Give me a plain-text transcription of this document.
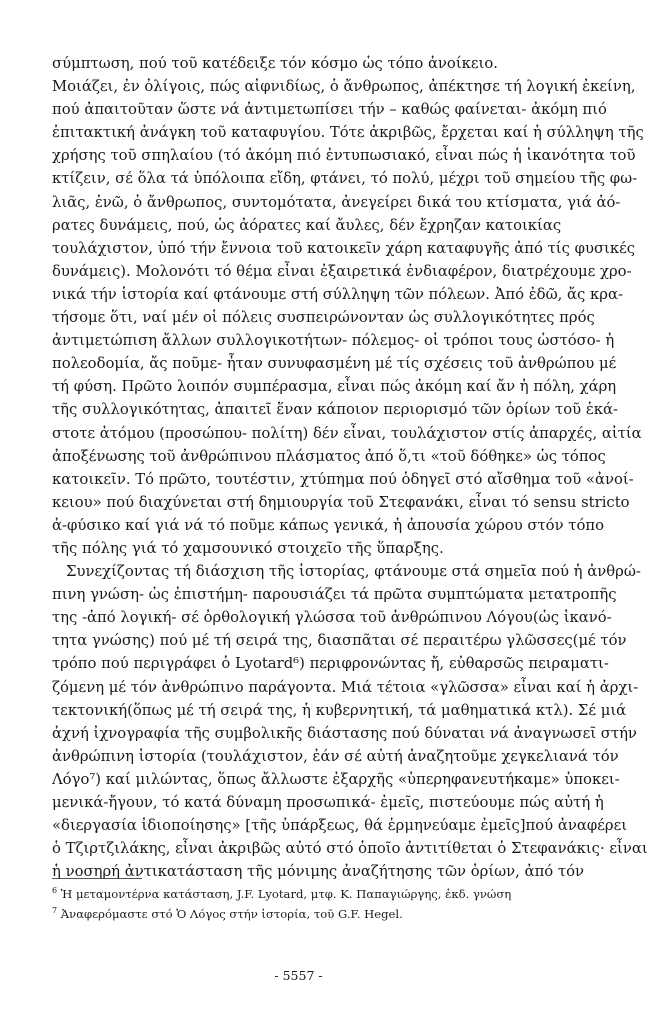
σύμπτωση, πού τοῦ κατέδειξε τόν κόσμο ὡς τόπο ἀνοίκειο.
Μοιάζει, ἐν ὀλίγοις, πώς αἰφνιδίως, ὁ ἄνθρωπος, ἀπέκτησε τή λογική ἐκείνη,
πού ἀπαιτοῦταν ὥστε νά ἀντιμετωπίσει τήν – καθώς φαίνεται- ἀκόμη πιό
ἐπιτακτική ἀνάγκη τοῦ καταφυγίου. Τότε ἀκριβῶς, ἔρχεται καί ἡ σύλληψη τῆς
χρήσης τοῦ σπηλαίου (τό ἀκόμη πιό ἐντυπωσιακό, εἶναι πώς ἡ ἱκανότητα τοῦ
κτίζειν, σέ ὅλα τά ὑπόλοιπα εἴδη, φτάνει, τό πολύ, μέχρι τοῦ σημείου τῆς φω-
λιᾶς, ἐνῶ, ὁ ἄνθρωπος, συντομότατα, ἀνεγείρει δικά του κτίσματα, γιά ἀό-
ρατες δυνάμεις, πού, ὡς ἀόρατες καί ἄυλες, δέν ἔχρηζαν κατοικίας
τουλάχιστον, ὑπό τήν ἔννοια τοῦ κατοικεῖν χάρη καταφυγῆς ἀπό τίς φυσικές
δυνάμεις). Μολονότι τό θέμα εἶναι ἐξαιρετικά ἐνδιαφέρον, διατρέχουμε χρο-
νικά τήν ἱστορία καί φτάνουμε στή σύλληψη τῶν πόλεων. Ἀπό ἐδῶ, ἄς κρα-
τήσομε ὅτι, ναί μέν οἱ πόλεις συσπειρώνονταν ὡς συλλογικότητες πρός
ἀντιμετώπιση ἄλλων συλλογικοτήτων- πόλεμος- οἱ τρόποι τους ὡστόσο- ἡ
πολεοδομία, ἄς ποῦμε- ἦταν συνυφασμένη μέ τίς σχέσεις τοῦ ἀνθρώπου μέ
τή φύση. Πρῶτο λοιπόν συμπέρασμα, εἶναι πώς ἀκόμη καί ἄν ἡ πόλη, χάρη
τῆς συλλογικότητας, ἀπαιτεῖ ἕναν κάποιον περιορισμό τῶν ὁρίων τοῦ ἑκά-
στοτε ἀτόμου (προσώπου- πολίτη) δέν εἶναι, τουλάχιστον στίς ἀπαρχές, αἰτία
ἀποξένωσης τοῦ ἀνθρώπινου πλάσματος ἀπό ὅ,τι «τοῦ δόθηκε» ὡς τόπος
κατοικεῖν. Τό πρῶτο, τουτέστιν, χτύπημα πού ὁδηγεῖ στό αἴσθημα τοῦ «ἀνοί-
κειου» πού διαχύνεται στή δημιουργία τοῦ Στεφανάκι, εἶναι τό sensu stricto
ἀ-φύσικο καί γιά νά τό ποῦμε κάπως γενικά, ἡ ἀπουσία χώρου στόν τόπο
τῆς πόλης γιά τό χαμσουνικό στοιχεῖο τῆς ὕπαρξης.
Συνεχίζοντας τή διάσχιση τῆς ἱστορίας, φτάνουμε στά σημεῖα πού ἡ ἀνθρώ-
πινη γνώση- ὡς ἐπιστήμη- παρουσιάζει τά πρῶτα συμπτώματα μετατροπῆς
της -ἀπό λογική- σέ ὀρθολογική γλώσσα τοῦ ἀνθρώπινου Λόγου(ὡς ἱκανό-
τητα γνώσης) πού μέ τή σειρά της, διασπᾶται σέ περαιτέρω γλῶσσες(μέ τόν
τρόπο πού περιγράφει ὁ Lyotard⁶) περιφρονώντας ἤ, εὐθαρσῶς πειραματι-
ζόμενη μέ τόν ἀνθρώπινο παράγοντα. Μιά τέτοια «γλῶσσα» εἶναι καί ἡ ἀρχι-
τεκτονική(ὅπως μέ τή σειρά της, ἡ κυβερνητική, τά μαθηματικά κτλ). Σέ μιά
ἀχνή ἰχνογραφία τῆς συμβολικῆς διάστασης πού δύναται νά ἀναγνωσεῖ στήν
ἀνθρώπινη ἱστορία (τουλάχιστον, ἐάν σέ αὐτή ἀναζητοῦμε χεγκελιανά τόν
Λόγο⁷) καί μιλώντας, ὅπως ἄλλωστε ἐξαρχῆς «ὑπερηφανευτήκαμε» ὑποκει-
μενικά-ἤγουν, τό κατά δύναμη προσωπικά- ἐμεῖς, πιστεύουμε πώς αὐτή ἡ
«διεργασία ἰδιοποίησης» [τῆς ὑπάρξεως, θά ἑρμηνεύαμε ἐμεῖς]πού ἀναφέρει
ὁ Τζιρτζιλάκης, εἶναι ἀκριβῶς αὐτό στό ὁποῖο ἀντιτίθεται ὁ Στεφανάκις· εἶναι
ἡ νοσηρή ἀντικατάσταση τῆς μόνιμης ἀναζήτησης τῶν ὁρίων, ἀπό τόν
$^6$ Ἡ μεταμοντέρνα κατάσταση, J.F. Lyotard, μτφ. Κ. Παπαγιώργης, ἐκδ. γνώση
$^7$ Ἀναφερόμαστε στό Ὁ Λόγος στήν ἱστορία, τοῦ G.F. Hegel.
- 5557 -
